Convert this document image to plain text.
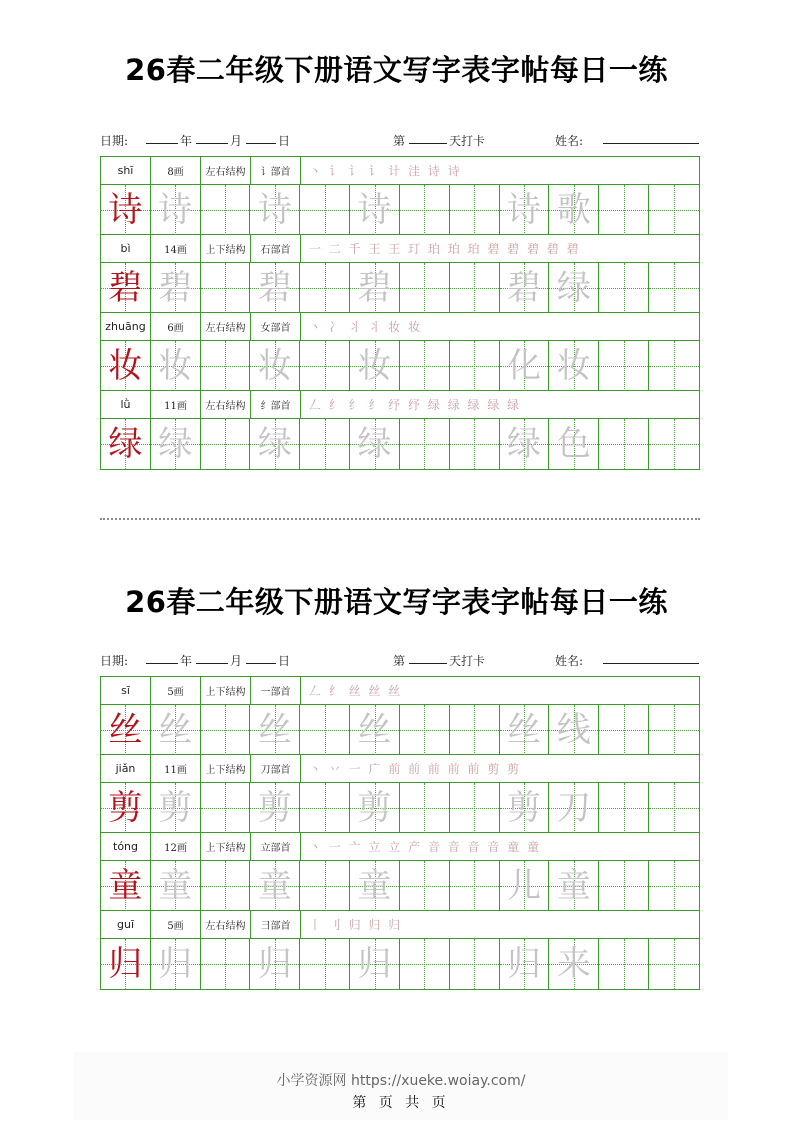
26春二年级下册语文写字表字帖每日一练
日期:	年	月	日	第	天打卡	姓名:
shī	8画	左右结构	讠部首	丶 讠 讠 讠 计 洼 诗 诗
诗 诗 诗 诗	诗 歌
bì	14画	上下结构	石部首	一 二 千 王 王 玎 珀 珀 珀 碧 碧 碧 碧 碧
碧 碧 碧 碧	碧 绿
zhuāng	6画	左右结构	女部首	丶 冫 丬 丬 妆 妆
妆 妆 妆 妆	化 妆
lǜ	11画	左右结构	纟部首	𠃋 纟 纟 纟 纾 纾 绿 绿 绿 绿 绿
绿 绿 绿 绿	绿 色
26春二年级下册语文写字表字帖每日一练
日期:	年	月	日	第	天打卡	姓名:
sī	5画	上下结构	一部首	𠃋 纟 丝 丝 丝
丝 丝 丝 丝	丝 线
jiǎn	11画	上下结构	刀部首	丶 丷 一 广 前 前 前 前 前 剪 剪
剪 剪 剪 剪	剪 刀
tóng	12画	上下结构	立部首	丶 一 亠 立 立 产 音 音 音 音 童 童
童 童 童 童	儿 童
guī	5画	左右结构	彐部首	丨 刂 归 归 归
归 归 归 归	归 来
小学资源网 https://xueke.woiay.com/
第 页 共 页
